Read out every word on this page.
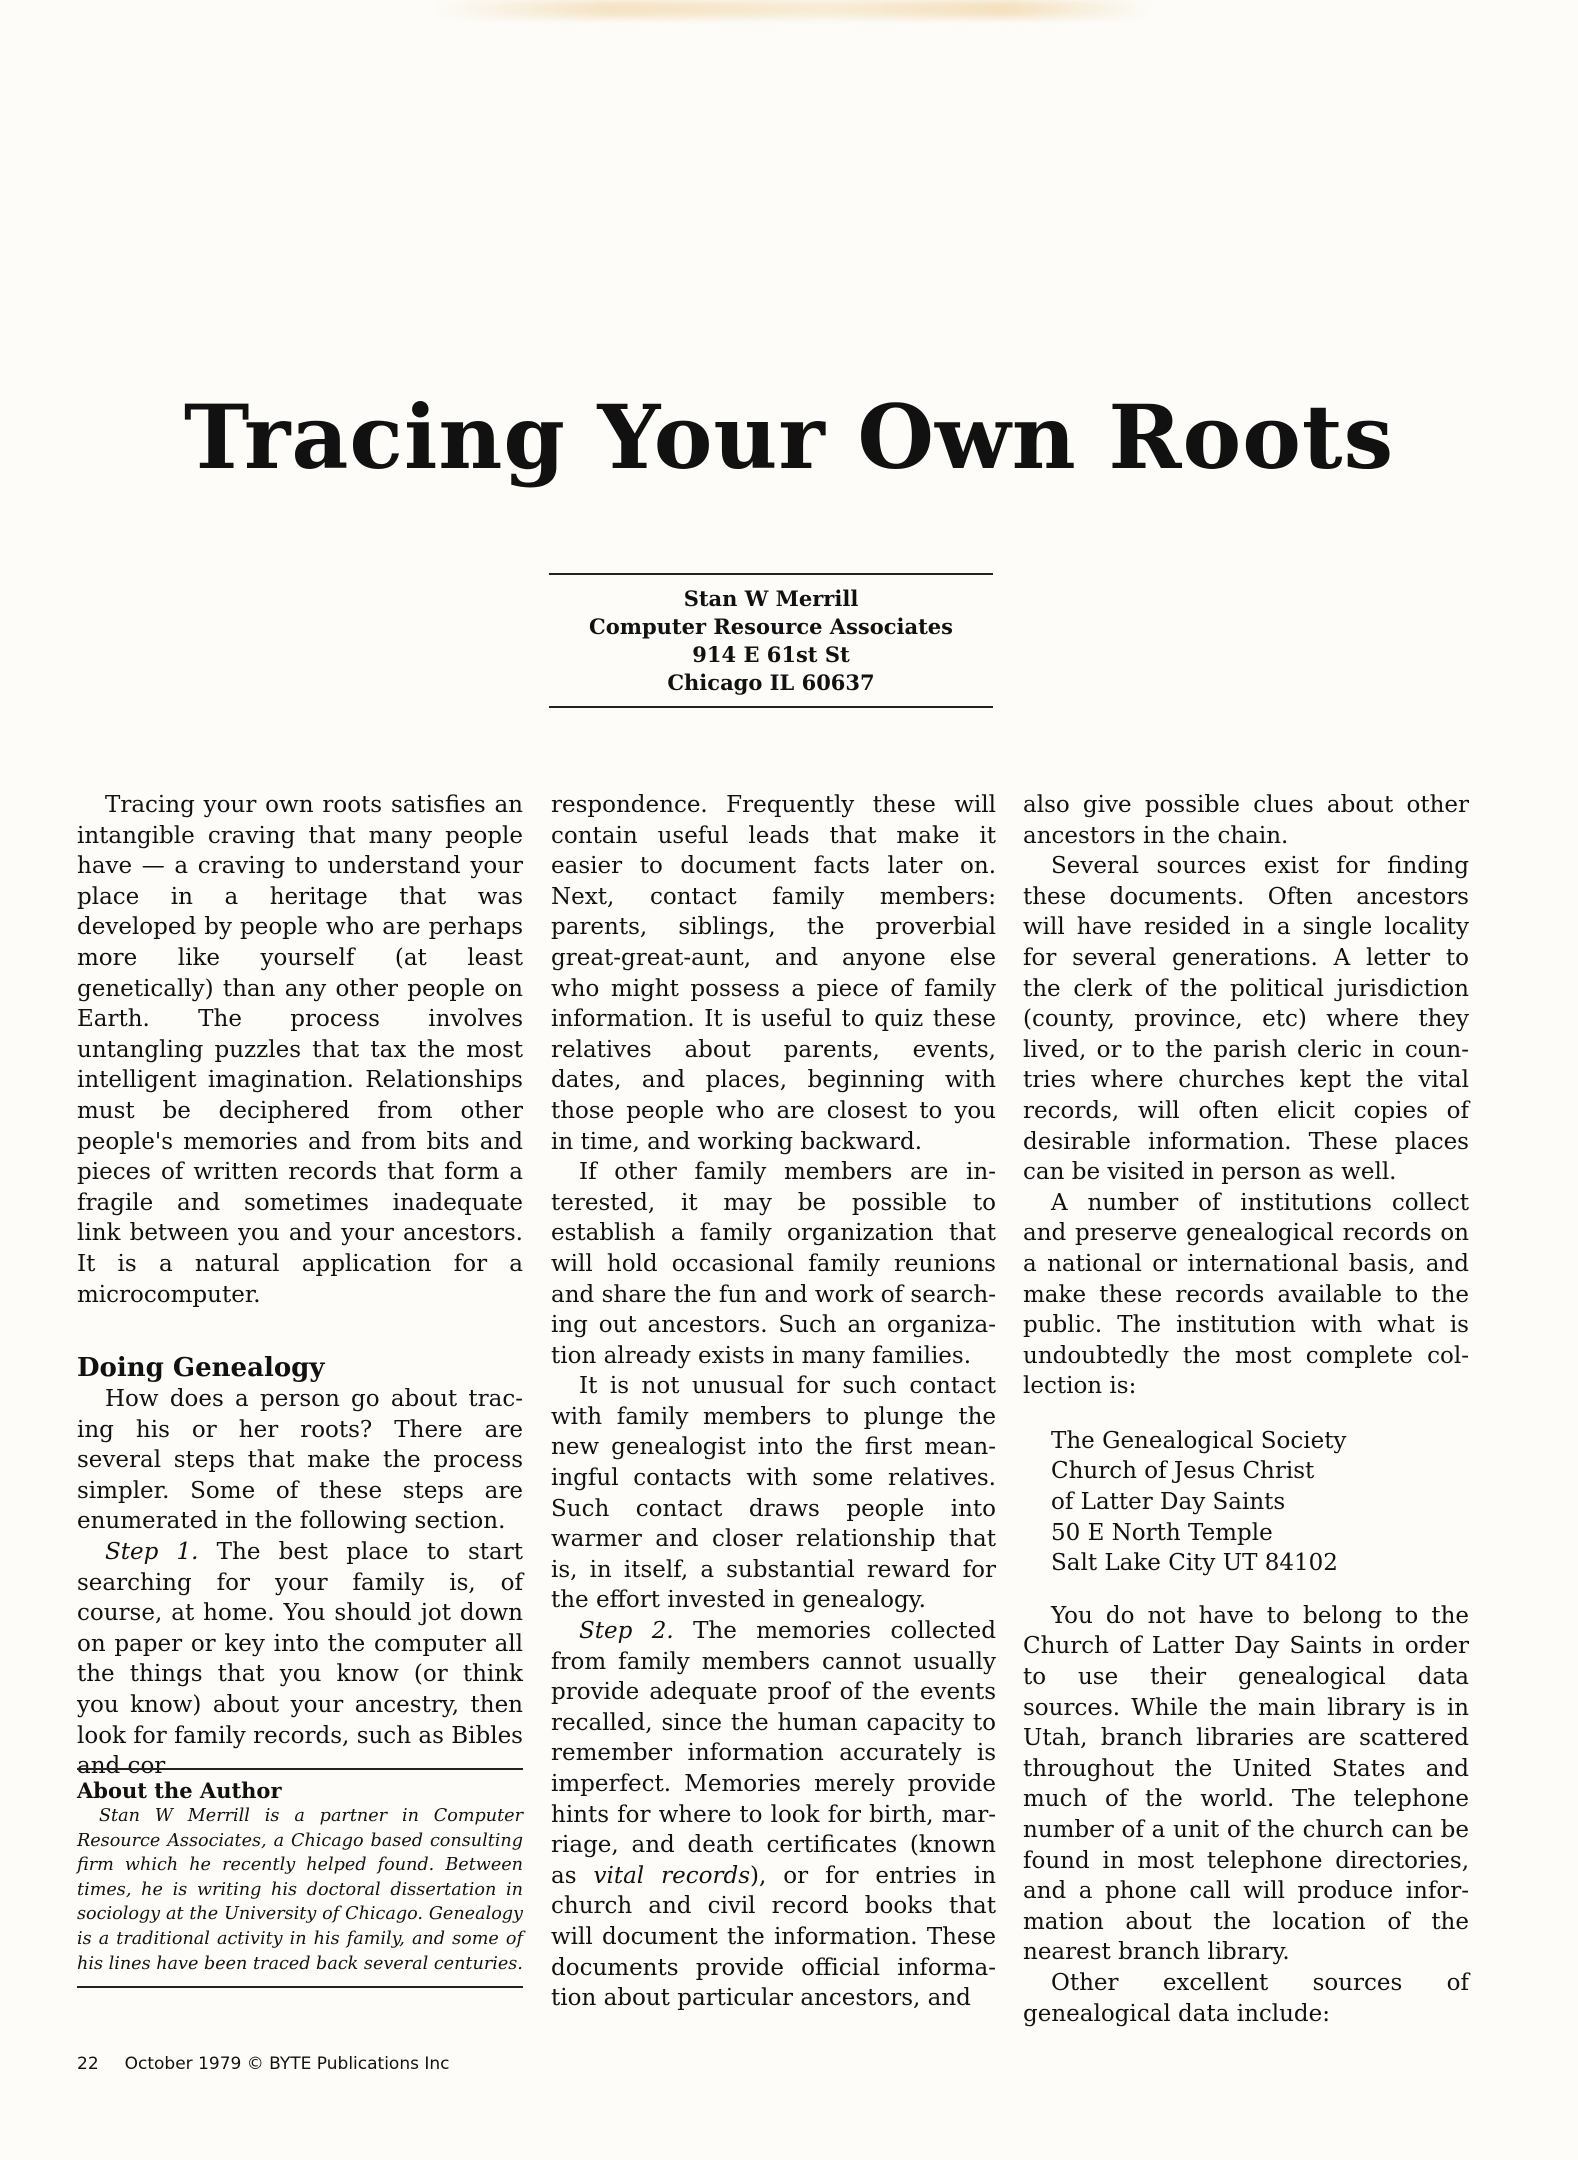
Tracing Your Own Roots
Stan W Merrill
Computer Resource Associates
914 E 61st St
Chicago IL 60637

Tracing your own roots satisfies an intangible craving that many people have — a craving to understand your place in a heritage that was developed by people who are perhaps more like yourself (at least genetically) than any other people on Earth. The process involves untangling puzzles that tax the most intelligent imagination. Relationships must be deciphered from other people's memories and from bits and pieces of written records that form a fragile and sometimes inadequate link between you and your ancestors. It is a natural application for a microcomputer.

Doing Genealogy

How does a person go about tracing his or her roots? There are several steps that make the process simpler. Some of these steps are enumerated in the following section.

Step 1. The best place to start searching for your family is, of course, at home. You should jot down on paper or key into the computer all the things that you know (or think you know) about your ancestry, then look for family records, such as Bibles and cor

About the Author

Stan W Merrill is a partner in Computer Resource Associates, a Chicago based consulting firm which he recently helped found. Between times, he is writing his doctoral dissertation in sociology at the University of Chicago. Genealogy is a traditional activity in his family, and some of his lines have been traced back several centuries.

respondence. Frequently these will contain useful leads that make it easier to document facts later on. Next, contact family members: parents, siblings, the proverbial great-great-aunt, and anyone else who might possess a piece of family information. It is useful to quiz these relatives about parents, events, dates, and places, beginning with those people who are closest to you in time, and working backward.

If other family members are interested, it may be possible to establish a family organization that will hold occasional family reunions and share the fun and work of searching out ancestors. Such an organization already exists in many families.

It is not unusual for such contact with family members to plunge the new genealogist into the first meaningful contacts with some relatives. Such contact draws people into warmer and closer relationship that is, in itself, a substantial reward for the effort invested in genealogy.

Step 2. The memories collected from family members cannot usually provide adequate proof of the events recalled, since the human capacity to remember information accurately is imperfect. Memories merely provide hints for where to look for birth, marriage, and death certificates (known as vital records), or for entries in church and civil record books that will document the information. These documents provide official information about particular ancestors, and

also give possible clues about other ancestors in the chain.

Several sources exist for finding these documents. Often ancestors will have resided in a single locality for several generations. A letter to the clerk of the political jurisdiction (county, province, etc) where they lived, or to the parish cleric in countries where churches kept the vital records, will often elicit copies of desirable information. These places can be visited in person as well.

A number of institutions collect and preserve genealogical records on a national or international basis, and make these records available to the public. The institution with what is undoubtedly the most complete collection is:

The Genealogical Society
Church of Jesus Christ
of Latter Day Saints
50 E North Temple
Salt Lake City UT 84102

You do not have to belong to the Church of Latter Day Saints in order to use their genealogical data sources. While the main library is in Utah, branch libraries are scattered throughout the United States and much of the world. The telephone number of a unit of the church can be found in most telephone directories, and a phone call will produce information about the location of the nearest branch library.

Other excellent sources of genealogical data include:

22 October 1979 © BYTE Publications Inc
